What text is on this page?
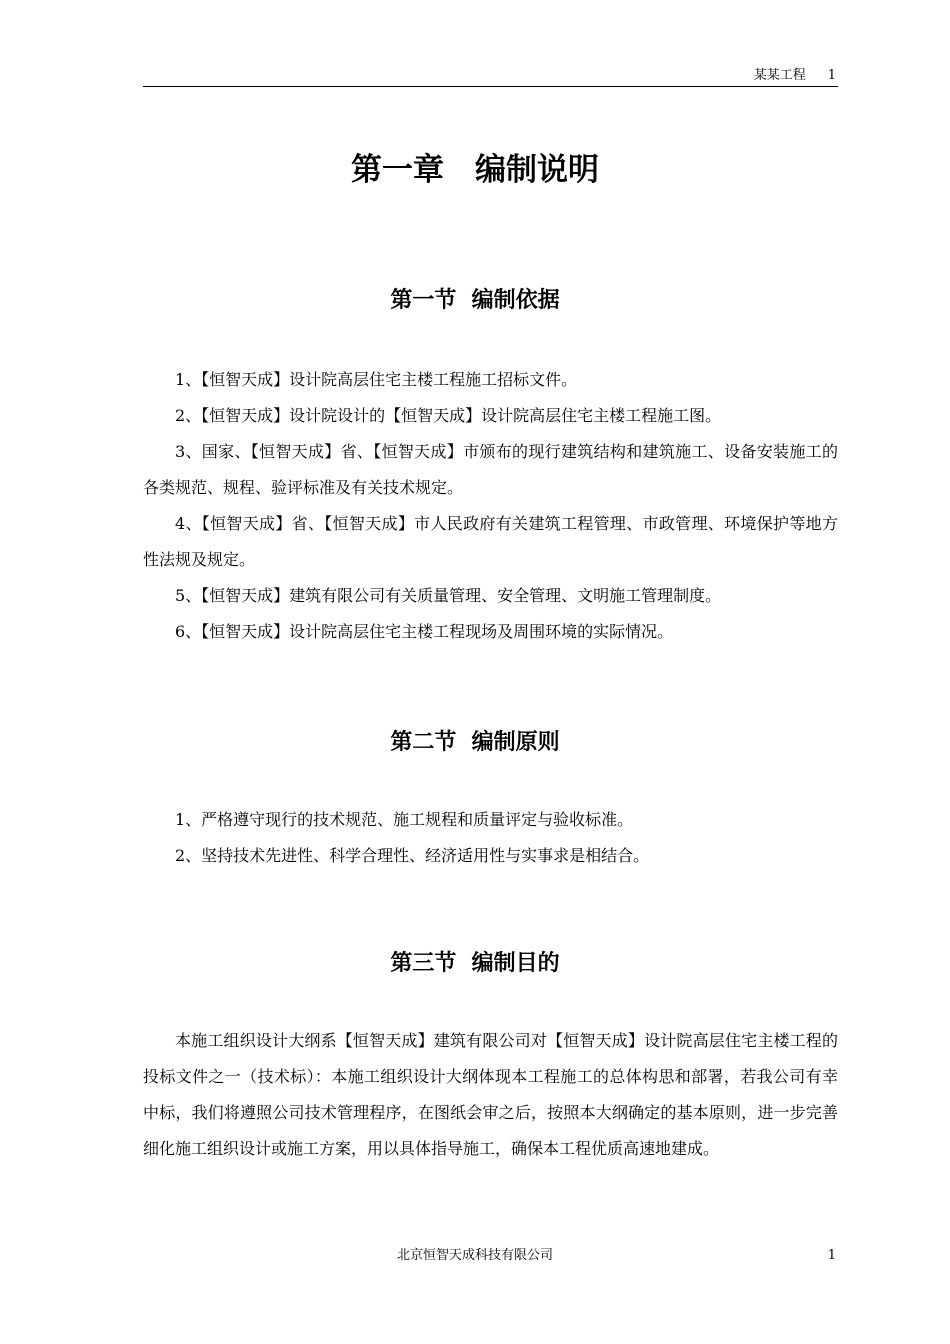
某某工程 1
第一章　编制说明
第一节  编制依据

1、【恒智天成】设计院高层住宅主楼工程施工招标文件。

2、【恒智天成】设计院设计的【恒智天成】设计院高层住宅主楼工程施工图。

3、国家、【恒智天成】省、【恒智天成】市颁布的现行建筑结构和建筑施工、设备安装施工的各类规范、规程、验评标准及有关技术规定。

4、【恒智天成】省、【恒智天成】市人民政府有关建筑工程管理、市政管理、环境保护等地方性法规及规定。

5、【恒智天成】建筑有限公司有关质量管理、安全管理、文明施工管理制度。

6、【恒智天成】设计院高层住宅主楼工程现场及周围环境的实际情况。

第二节  编制原则

1、严格遵守现行的技术规范、施工规程和质量评定与验收标准。

2、坚持技术先进性、科学合理性、经济适用性与实事求是相结合。

第三节  编制目的

本施工组织设计大纲系【恒智天成】建筑有限公司对【恒智天成】设计院高层住宅主楼工程的投标文件之一（技术标）：本施工组织设计大纲体现本工程施工的总体构思和部署，若我公司有幸中标，我们将遵照公司技术管理程序，在图纸会审之后，按照本大纲确定的基本原则，进一步完善细化施工组织设计或施工方案，用以具体指导施工，确保本工程优质高速地建成。

北京恒智天成科技有限公司	1
